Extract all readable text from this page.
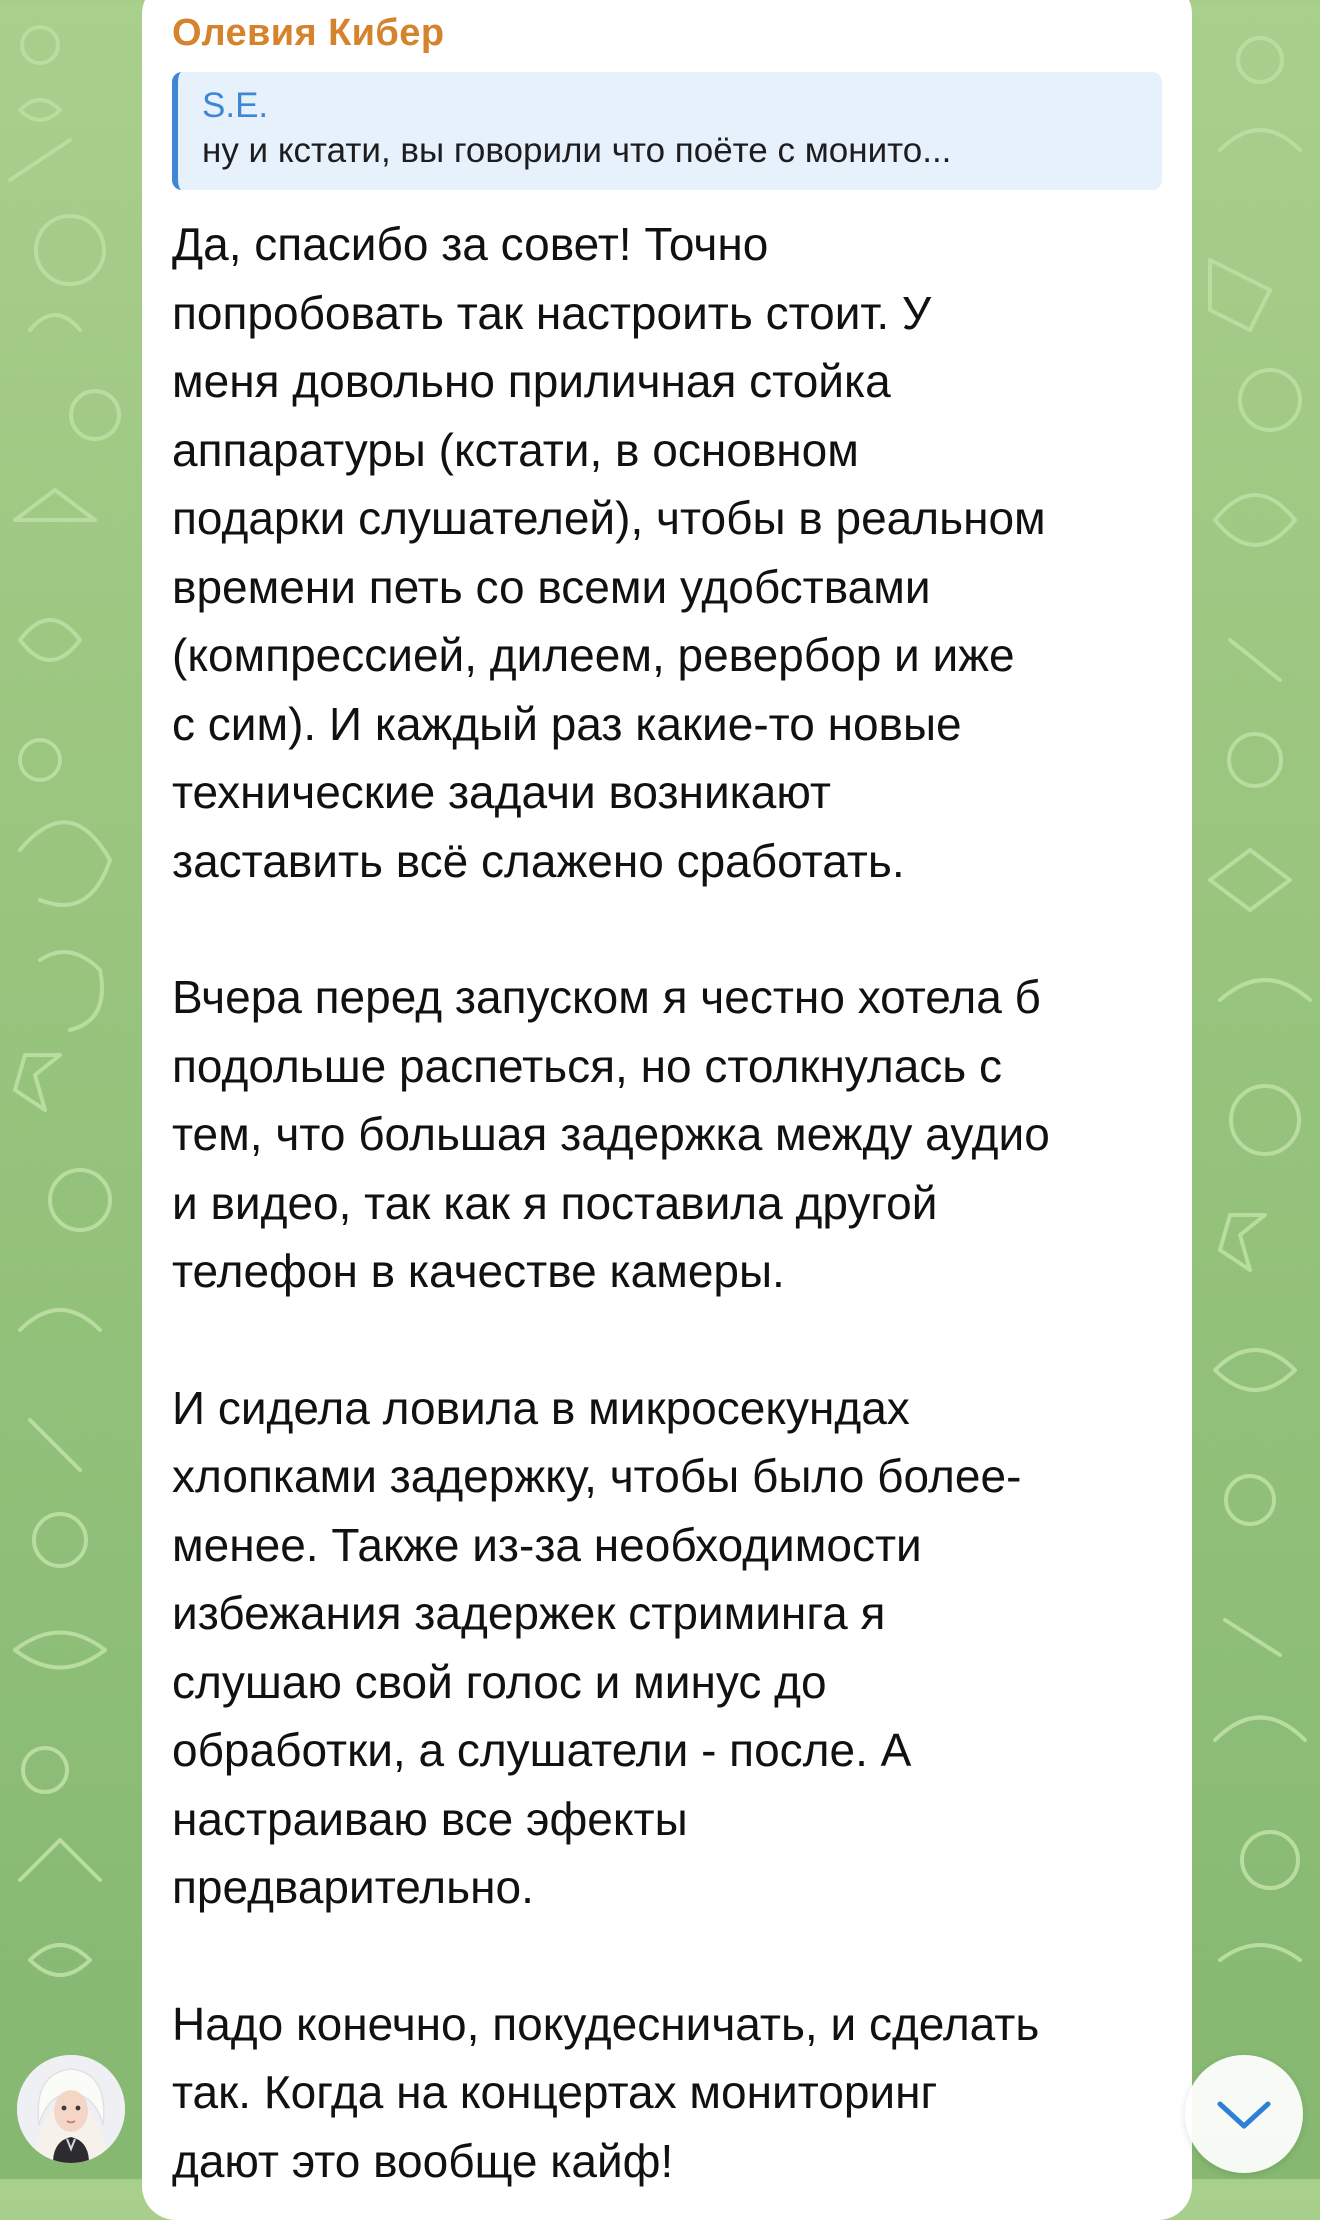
Олевия Кибер
S.E.
ну и кстати, вы говорили что поёте с монито...

Да, спасибо за совет! Точно
попробовать так настроить стоит. У
меня довольно приличная стойка
аппаратуры (кстати, в основном
подарки слушателей), чтобы в реальном
времени петь со всеми удобствами
(компрессией, дилеем, ревербор и иже
с сим). И каждый раз какие-то новые
технические задачи возникают
заставить всё слажено сработать.

Вчера перед запуском я честно хотела б
подольше распеться, но столкнулась с
тем, что большая задержка между аудио
и видео, так как я поставила другой
телефон в качестве камеры.

И сидела ловила в микросекундах
хлопками задержку, чтобы было более-
менее. Также из-за необходимости
избежания задержек стриминга я
слушаю свой голос и минус до
обработки, а слушатели - после. А
настраиваю все эфекты
предварительно.

Надо конечно, покудесничать, и сделать
так. Когда на концертах мониторинг
дают это вообще кайф!
